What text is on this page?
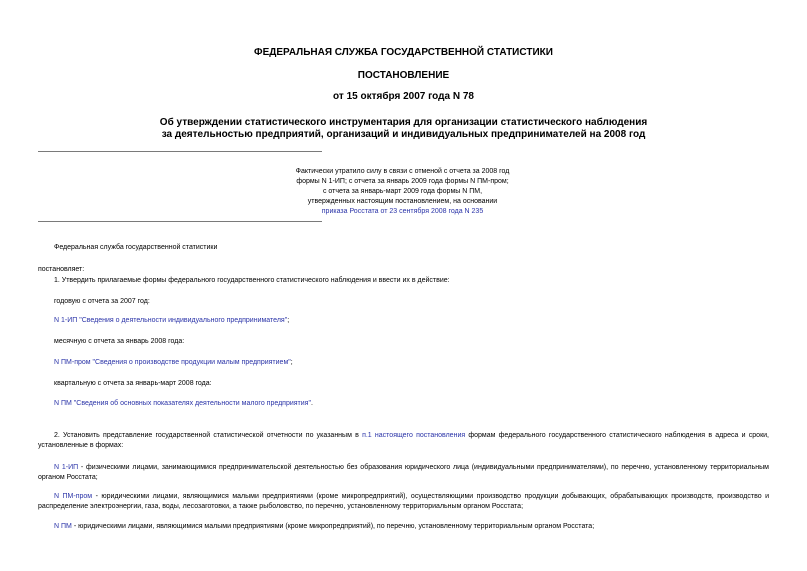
ФЕДЕРАЛЬНАЯ СЛУЖБА ГОСУДАРСТВЕННОЙ СТАТИСТИКИ
ПОСТАНОВЛЕНИЕ
от 15 октября 2007 года N 78
Об утверждении статистического инструментария для организации статистического наблюдения
за деятельностью предприятий, организаций и индивидуальных предпринимателей на 2008 год
Фактически утратило силу в связи с отменой с отчета за 2008 год
формы N 1-ИП; с отчета за январь 2009 года формы N ПМ-пром;
с отчета за январь-март 2009 года формы N ПМ,
утвержденных настоящим постановлением, на основании
приказа Росстата от 23 сентября 2008 года N 235
Федеральная служба государственной статистики
постановляет:
1. Утвердить прилагаемые формы федерального государственного статистического наблюдения и ввести их в действие:
годовую с отчета за 2007 год:
N 1-ИП "Сведения о деятельности индивидуального предпринимателя";
месячную с отчета за январь 2008 года:
N ПМ-пром "Сведения о производстве продукции малым предприятием";
квартальную с отчета за январь-март 2008 года:
N ПМ "Сведения об основных показателях деятельности малого предприятия".
2. Установить представление государственной статистической отчетности по указанным в п.1 настоящего постановления формам федерального государственного статистического наблюдения в адреса и сроки, установленные в формах:
N 1-ИП - физическими лицами, занимающимися предпринимательской деятельностью без образования юридического лица (индивидуальными предпринимателями), по перечню, установленному территориальным органом Росстата;
N ПМ-пром - юридическими лицами, являющимися малыми предприятиями (кроме микропредприятий), осуществляющими производство продукции добывающих, обрабатывающих производств, производство и распределение электроэнергии, газа, воды, лесозаготовки, а также рыболовство, по перечню, установленному территориальным органом Росстата;
N ПМ - юридическими лицами, являющимися малыми предприятиями (кроме микропредприятий), по перечню, установленному территориальным органом Росстата;
